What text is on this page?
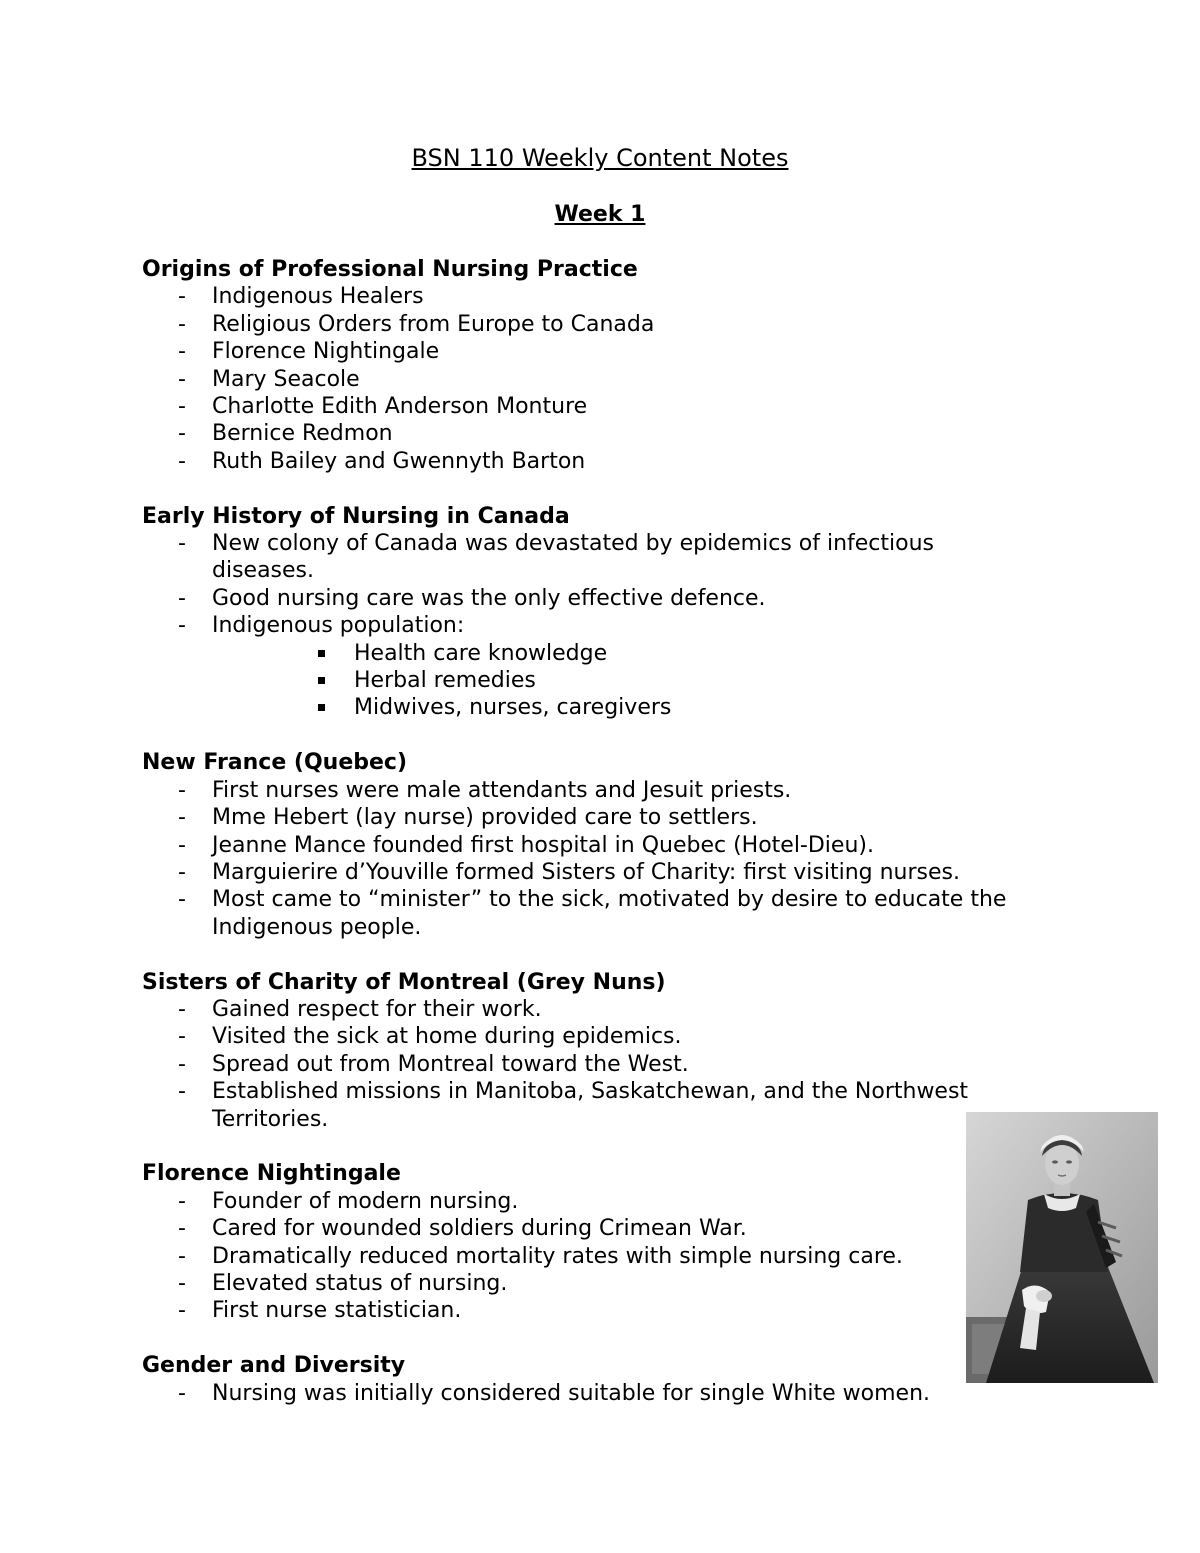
BSN 110 Weekly Content Notes
Week 1
Origins of Professional Nursing Practice
- Indigenous Healers
- Religious Orders from Europe to Canada
- Florence Nightingale
- Mary Seacole
- Charlotte Edith Anderson Monture
- Bernice Redmon
- Ruth Bailey and Gwennyth Barton
Early History of Nursing in Canada
- New colony of Canada was devastated by epidemics of infectious diseases.
- Good nursing care was the only effective defence.
- Indigenous population:
Health care knowledge
Herbal remedies
Midwives, nurses, caregivers
New France (Quebec)
- First nurses were male attendants and Jesuit priests.
- Mme Hebert (lay nurse) provided care to settlers.
- Jeanne Mance founded first hospital in Quebec (Hotel-Dieu).
- Marguierire d’Youville formed Sisters of Charity: first visiting nurses.
- Most came to “minister” to the sick, motivated by desire to educate the Indigenous people.
Sisters of Charity of Montreal (Grey Nuns)
- Gained respect for their work.
- Visited the sick at home during epidemics.
- Spread out from Montreal toward the West.
- Established missions in Manitoba, Saskatchewan, and the Northwest Territories.
Florence Nightingale
- Founder of modern nursing.
- Cared for wounded soldiers during Crimean War.
- Dramatically reduced mortality rates with simple nursing care.
- Elevated status of nursing.
- First nurse statistician.
Gender and Diversity
- Nursing was initially considered suitable for single White women.
